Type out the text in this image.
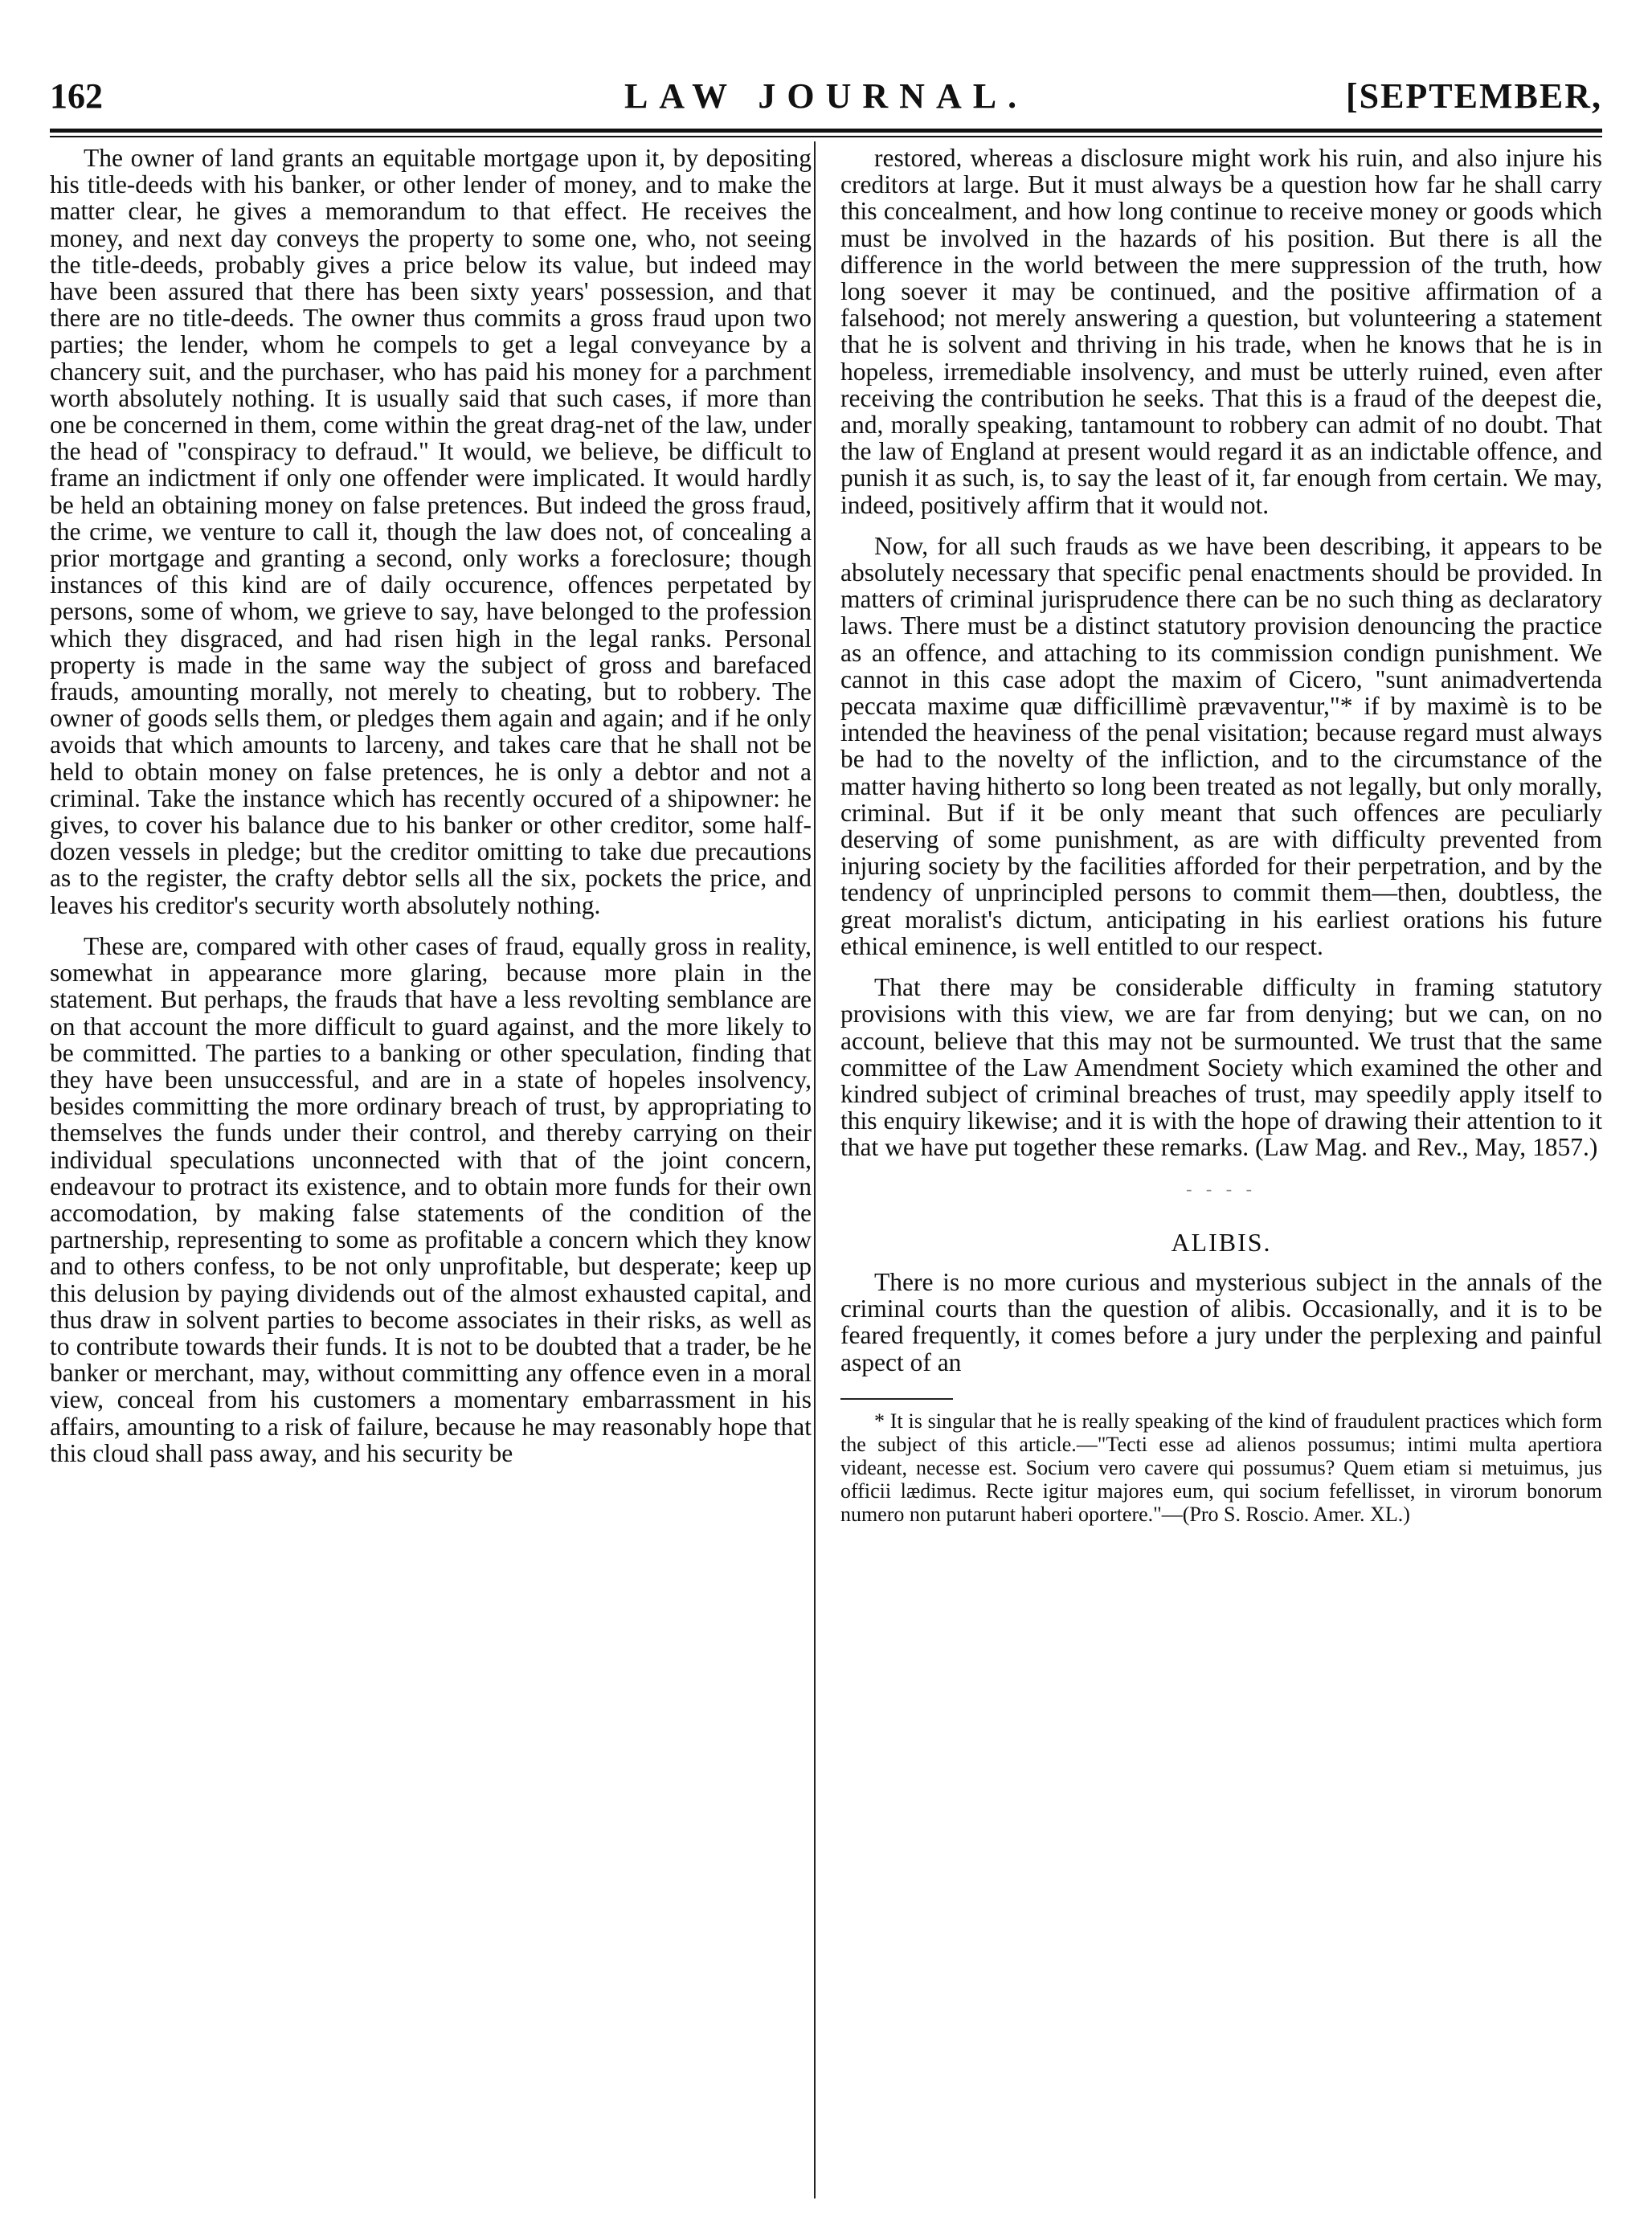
162	LAW JOURNAL.	[SEPTEMBER,

The owner of land grants an equitable mortgage upon it, by depositing his title-deeds with his banker, or other lender of money, and to make the matter clear, he gives a memorandum to that effect. He receives the money, and next day conveys the property to some one, who, not seeing the title-deeds, probably gives a price below its value, but indeed may have been assured that there has been sixty years' possession, and that there are no title-deeds. The owner thus commits a gross fraud upon two parties; the lender, whom he compels to get a legal conveyance by a chancery suit, and the purchaser, who has paid his money for a parchment worth absolutely nothing. It is usually said that such cases, if more than one be concerned in them, come within the great drag-net of the law, under the head of "conspiracy to defraud." It would, we believe, be difficult to frame an indictment if only one offender were implicated. It would hardly be held an obtaining money on false pretences. But indeed the gross fraud, the crime, we venture to call it, though the law does not, of concealing a prior mortgage and granting a second, only works a foreclosure; though instances of this kind are of daily occurence, offences perpetated by persons, some of whom, we grieve to say, have belonged to the profession which they disgraced, and had risen high in the legal ranks. Personal property is made in the same way the subject of gross and barefaced frauds, amounting morally, not merely to cheating, but to robbery. The owner of goods sells them, or pledges them again and again; and if he only avoids that which amounts to larceny, and takes care that he shall not be held to obtain money on false pretences, he is only a debtor and not a criminal. Take the instance which has recently occured of a shipowner: he gives, to cover his balance due to his banker or other creditor, some half-dozen vessels in pledge; but the creditor omitting to take due precautions as to the register, the crafty debtor sells all the six, pockets the price, and leaves his creditor's security worth absolutely nothing.

These are, compared with other cases of fraud, equally gross in reality, somewhat in appearance more glaring, because more plain in the statement. But perhaps, the frauds that have a less revolting semblance are on that account the more difficult to guard against, and the more likely to be committed. The parties to a banking or other speculation, finding that they have been unsuccessful, and are in a state of hopeles insolvency, besides committing the more ordinary breach of trust, by appropriating to themselves the funds under their control, and thereby carrying on their individual speculations unconnected with that of the joint concern, endeavour to protract its existence, and to obtain more funds for their own accomodation, by making false statements of the condition of the partnership, representing to some as profitable a concern which they know and to others confess, to be not only unprofitable, but desperate; keep up this delusion by paying dividends out of the almost exhausted capital, and thus draw in solvent parties to become associates in their risks, as well as to contribute towards their funds. It is not to be doubted that a trader, be he banker or merchant, may, without committing any offence even in a moral view, conceal from his customers a momentary embarrassment in his affairs, amounting to a risk of failure, because he may reasonably hope that this cloud shall pass away, and his security be

restored, whereas a disclosure might work his ruin, and also injure his creditors at large. But it must always be a question how far he shall carry this concealment, and how long continue to receive money or goods which must be involved in the hazards of his position. But there is all the difference in the world between the mere suppression of the truth, how long soever it may be continued, and the positive affirmation of a falsehood; not merely answering a question, but volunteering a statement that he is solvent and thriving in his trade, when he knows that he is in hopeless, irremediable insolvency, and must be utterly ruined, even after receiving the contribution he seeks. That this is a fraud of the deepest die, and, morally speaking, tantamount to robbery can admit of no doubt. That the law of England at present would regard it as an indictable offence, and punish it as such, is, to say the least of it, far enough from certain. We may, indeed, positively affirm that it would not.

Now, for all such frauds as we have been describing, it appears to be absolutely necessary that specific penal enactments should be provided. In matters of criminal jurisprudence there can be no such thing as declaratory laws. There must be a distinct statutory provision denouncing the practice as an offence, and attaching to its commission condign punishment. We cannot in this case adopt the maxim of Cicero, "sunt animadvertenda peccata maxime quæ difficillimè prævaventur,"* if by maximè is to be intended the heaviness of the penal visitation; because regard must always be had to the novelty of the infliction, and to the circumstance of the matter having hitherto so long been treated as not legally, but only morally, criminal. But if it be only meant that such offences are peculiarly deserving of some punishment, as are with difficulty prevented from injuring society by the facilities afforded for their perpetration, and by the tendency of unprincipled persons to commit them—then, doubtless, the great moralist's dictum, anticipating in his earliest orations his future ethical eminence, is well entitled to our respect.

That there may be considerable difficulty in framing statutory provisions with this view, we are far from denying; but we can, on no account, believe that this may not be surmounted. We trust that the same committee of the Law Amendment Society which examined the other and kindred subject of criminal breaches of trust, may speedily apply itself to this enquiry likewise; and it is with the hope of drawing their attention to it that we have put together these remarks. (Law Mag. and Rev., May, 1857.)

- - - -
ALIBIS.

There is no more curious and mysterious subject in the annals of the criminal courts than the question of alibis. Occasionally, and it is to be feared frequently, it comes before a jury under the perplexing and painful aspect of an

* It is singular that he is really speaking of the kind of fraudulent practices which form the subject of this article.—"Tecti esse ad alienos possumus; intimi multa apertiora videant, necesse est. Socium vero cavere qui possumus? Quem etiam si metuimus, jus officii lædimus. Recte igitur majores eum, qui socium fefellisset, in virorum bonorum numero non putarunt haberi oportere."—(Pro S. Roscio. Amer. XL.)
